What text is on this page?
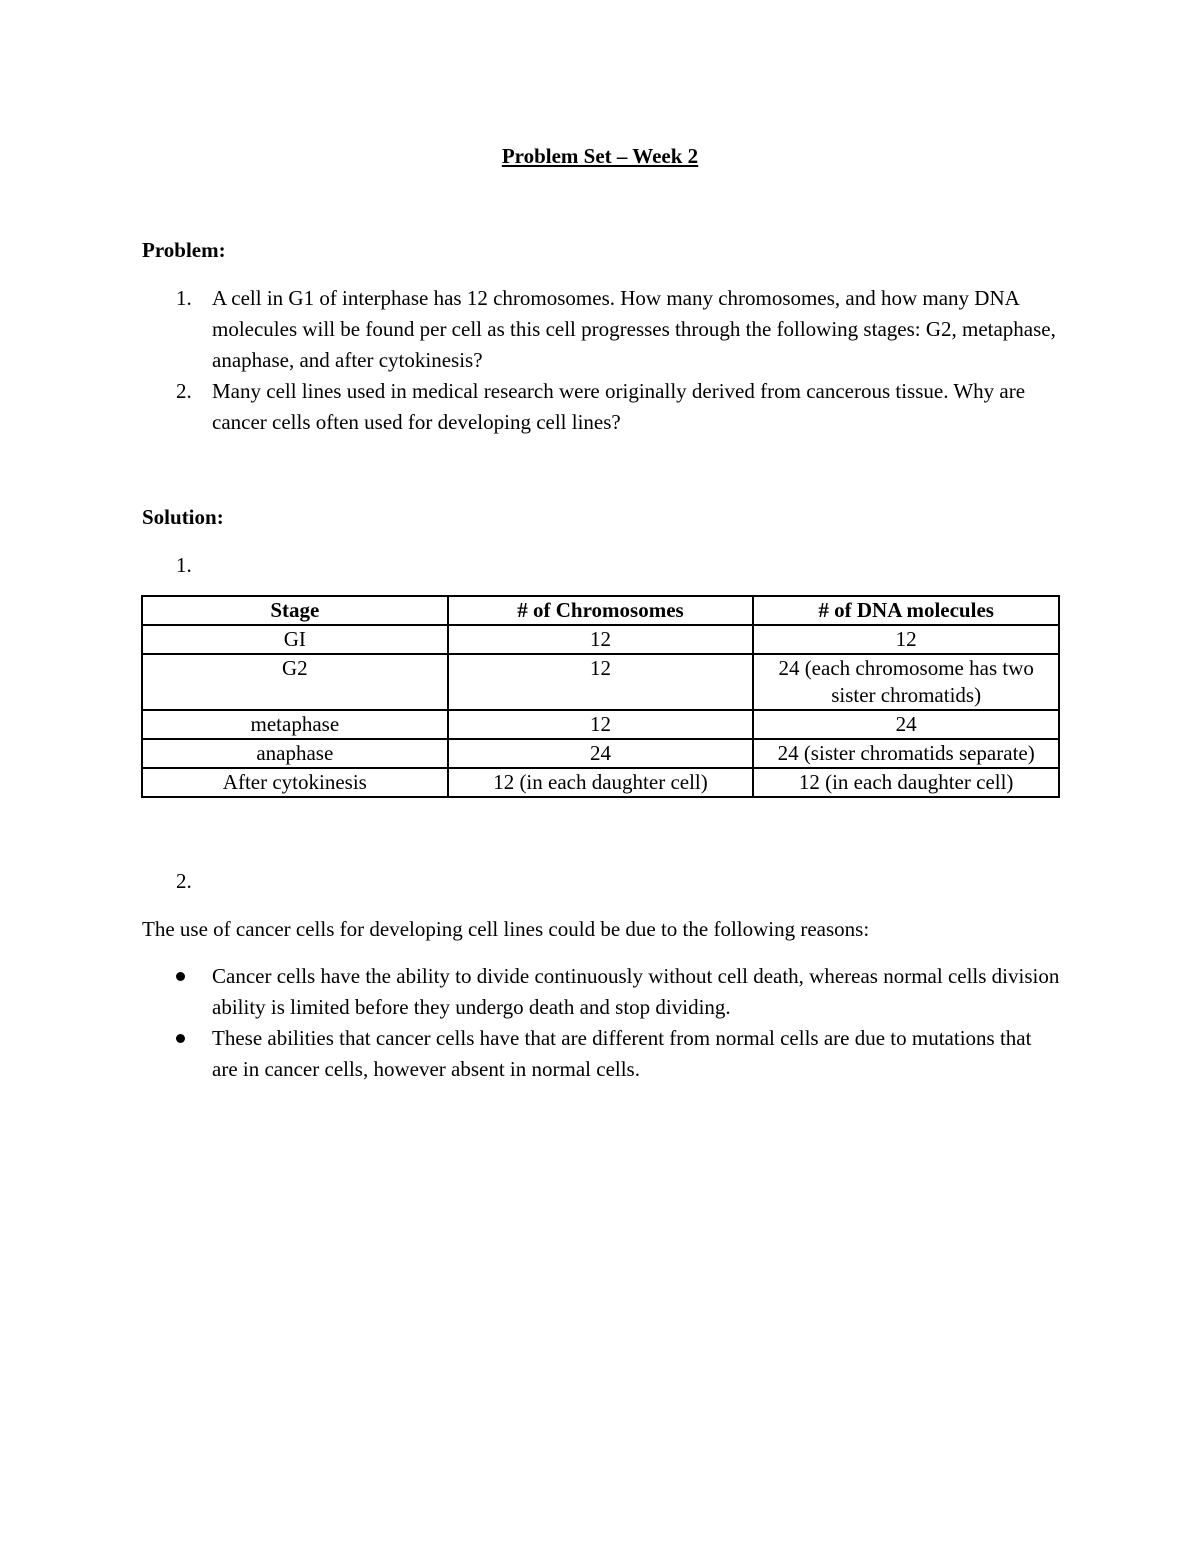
Problem Set – Week 2
Problem:
1. A cell in G1 of interphase has 12 chromosomes. How many chromosomes, and how many DNA molecules will be found per cell as this cell progresses through the following stages: G2, metaphase, anaphase, and after cytokinesis?
2. Many cell lines used in medical research were originally derived from cancerous tissue. Why are cancer cells often used for developing cell lines?
Solution:
1.
Stage	# of Chromosomes	# of DNA molecules
GI	12	12
G2	12	24 (each chromosome has two sister chromatids)
metaphase	12	24
anaphase	24	24 (sister chromatids separate)
After cytokinesis	12 (in each daughter cell)	12 (in each daughter cell)
2.
The use of cancer cells for developing cell lines could be due to the following reasons:
Cancer cells have the ability to divide continuously without cell death, whereas normal cells division ability is limited before they undergo death and stop dividing.
These abilities that cancer cells have that are different from normal cells are due to mutations that are in cancer cells, however absent in normal cells.
